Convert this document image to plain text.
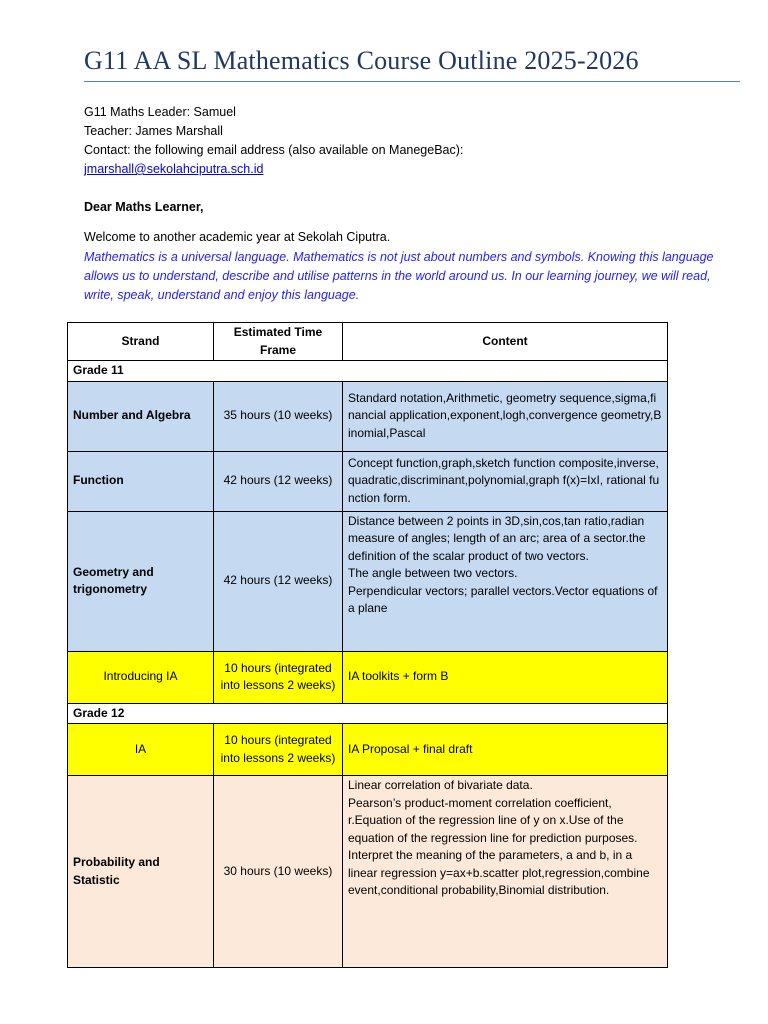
G11 AA SL Mathematics Course Outline 2025-2026
G11 Maths Leader: Samuel
Teacher: James Marshall
Contact: the following email address (also available on ManegeBac):
jmarshall@sekolahciputra.sch.id
Dear Maths Learner,
Welcome to another academic year at Sekolah Ciputra.
Mathematics is a universal language. Mathematics is not just about numbers and symbols. Knowing this language allows us to understand, describe and utilise patterns in the world around us. In our learning journey, we will read, write, speak, understand and enjoy this language.
Strand	Estimated Time Frame	Content
Grade 11		
Number and Algebra	35 hours (10 weeks)	Standard notation,Arithmetic, geometry sequence,sigma,financial application,exponent,logh,convergence geometry,Binomial,Pascal
Function	42 hours (12 weeks)	Concept function,graph,sketch function composite,inverse,quadratic,discriminant,polynomial,graph f(x)=IxI, rational function form.
Geometry and trigonometry	42 hours (12 weeks)	Distance between 2 points in 3D,sin,cos,tan ratio,radian measure of angles; length of an arc; area of a sector.the definition of the scalar product of two vectors.
The angle between two vectors.
Perpendicular vectors; parallel vectors.Vector equations of a plane

Introducing IA	10 hours (integrated into lessons 2 weeks)	IA toolkits + form B
Grade 12		
IA	10 hours (integrated into lessons 2 weeks)	IA Proposal + final draft
Probability and Statistic	30 hours (10 weeks)	Linear correlation of bivariate data.
Pearson’s product-moment correlation coefficient, r.Equation of the regression line of y on x.Use of the equation of the regression line for prediction purposes.
Interpret the meaning of the parameters, a and b, in a linear regression y=ax+b.scatter plot,regression,combine event,conditional probability,Binomial distribution.
